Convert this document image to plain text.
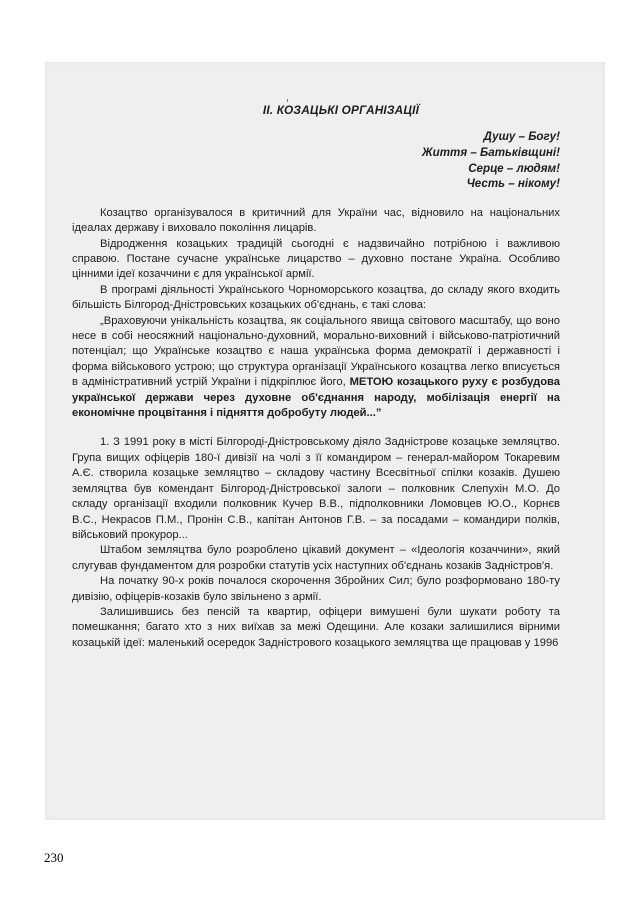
ІІ. КОЗАЦЬКІ ОРГАНІЗАЦІЇ
Душу – Богу!
Життя – Батьківщині!
Серце – людям!
Честь – нікому!

Козацтво організувалося в критичний для України час, відновило на національних ідеалах державу і виховало покоління лицарів.

Відродження козацьких традицій сьогодні є надзвичайно потрібною і важливою справою. Постане сучасне українське лицарство – духовно постане Україна. Особливо цінними ідеї козаччини є для української армії.

В програмі діяльності Українського Чорноморського козацтва, до складу якого входить більшість Білгород-Дністровських козацьких об'єднань, є такі слова:

„Враховуючи унікальність козацтва, як соціального явища світового масштабу, що воно несе в собі неосяжний національно-духовний, морально-виховний і військово-патріотичний потенціал; що Українське козацтво є наша українська форма демократії і державності і форма військового устрою; що структура організації Українського козацтва легко вписується в адміністративний устрій України і підкріплює його, МЕТОЮ козацького руху є розбудова української держави через духовне об'єднання народу, мобілізація енергії на економічне процвітання і підняття добробуту людей...”

1. З 1991 року в місті Білгороді-Дністровському діяло Задністрове козацьке земляцтво. Група вищих офіцерів 180-ї дивізії на чолі з її командиром – генерал-майором Токаревим А.Є. створила козацьке земляцтво – складову частину Всесвітньої спілки козаків. Душею земляцтва був комендант Білгород-Дністровської залоги – полковник Слепухін М.О. До складу організації входили полковник Кучер В.В., підполковники Ломовцев Ю.О., Корнєв В.С., Некрасов П.М., Пронін С.В., капітан Антонов Г.В. – за посадами – командири полків, військовий прокурор...

Штабом земляцтва було розроблено цікавий документ – «Ідеологія козаччини», який слугував фундаментом для розробки статутів усіх наступних об'єднань козаків Задністров'я.

На початку 90-х років почалося скорочення Збройних Сил; було розформовано 180-ту дивізію, офіцерів-козаків було звільнено з армії.

Залишившись без пенсій та квартир, офіцери вимушені були шукати роботу та помешкання; багато хто з них виїхав за межі Одещини. Але козаки залишилися вірними козацькій ідеї: маленький осередок Задністрового козацького земляцтва ще працював у 1996

230
